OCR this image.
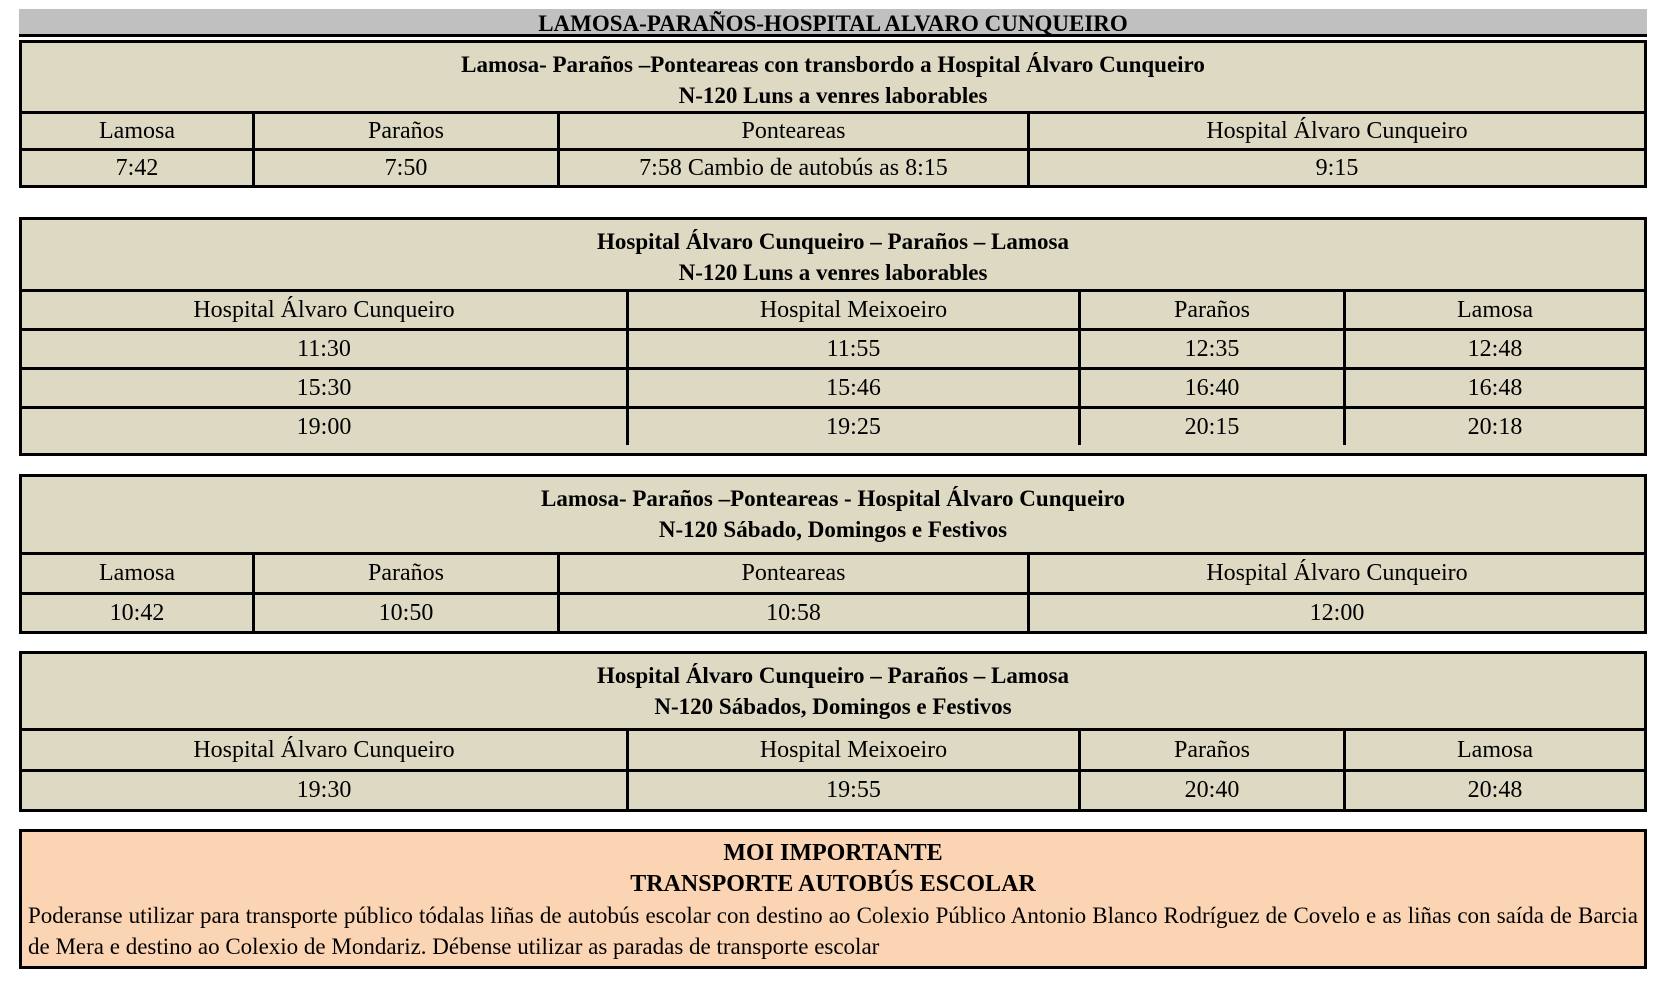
LAMOSA-PARAÑOS-HOSPITAL ALVARO CUNQUEIRO
Lamosa- Paraños –Ponteareas con transbordo a Hospital Álvaro Cunqueiro
N-120 Luns a venres laborables
Lamosa	Paraños	Ponteareas	Hospital Álvaro Cunqueiro
7:42	7:50	7:58 Cambio de autobús as 8:15	9:15
Hospital Álvaro Cunqueiro – Paraños – Lamosa
N-120 Luns a venres laborables
Hospital Álvaro Cunqueiro	Hospital Meixoeiro	Paraños	Lamosa
11:30	11:55	12:35	12:48
15:30	15:46	16:40	16:48
19:00	19:25	20:15	20:18
Lamosa- Paraños –Ponteareas - Hospital Álvaro Cunqueiro
N-120 Sábado, Domingos e Festivos
Lamosa	Paraños	Ponteareas	Hospital Álvaro Cunqueiro
10:42	10:50	10:58	12:00
Hospital Álvaro Cunqueiro – Paraños – Lamosa
N-120 Sábados, Domingos e Festivos
Hospital Álvaro Cunqueiro	Hospital Meixoeiro	Paraños	Lamosa
19:30	19:55	20:40	20:48
MOI IMPORTANTE
TRANSPORTE AUTOBÚS ESCOLAR
Poderanse utilizar para transporte público tódalas liñas de autobús escolar con destino ao Colexio Público Antonio Blanco Rodríguez de Covelo e as liñas con saída de Barcia de Mera e destino ao Colexio de Mondariz. Débense utilizar as paradas de transporte escolar
